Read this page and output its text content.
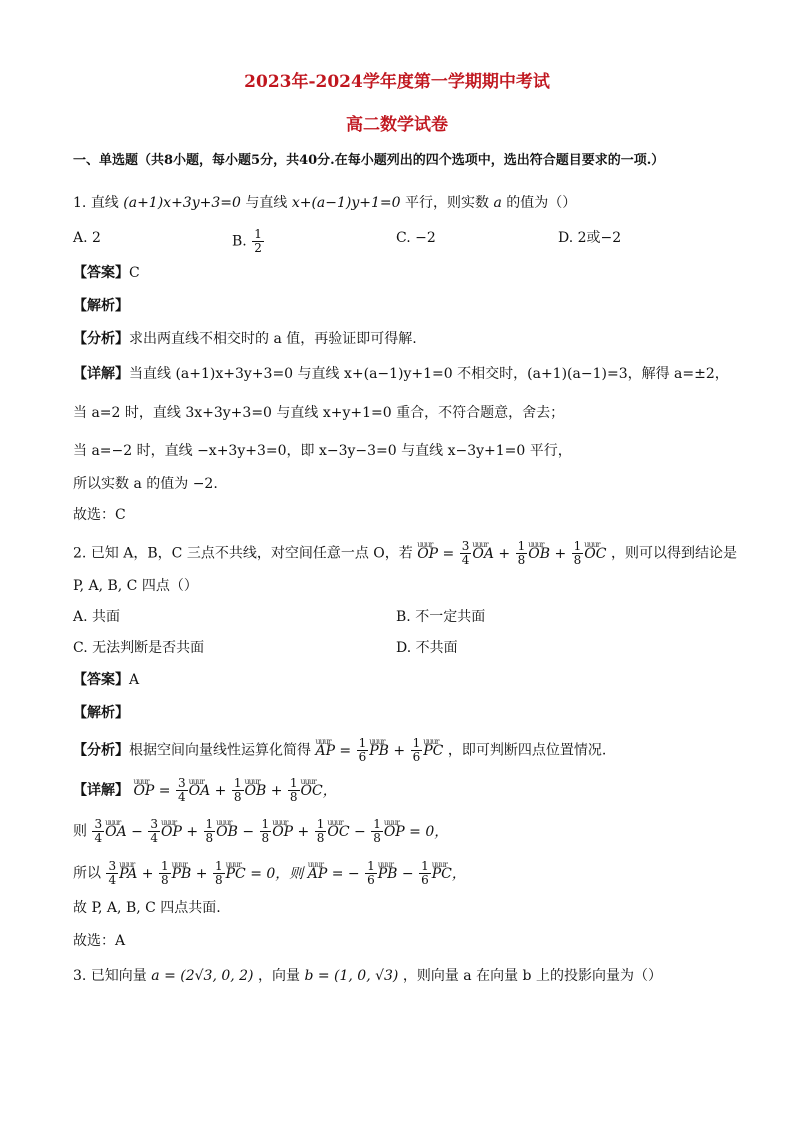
2023年-2024学年度第一学期期中考试
高二数学试卷
一、单选题（共8小题，每小题5分，共40分.在每小题列出的四个选项中，选出符合题目要求的一项.）
1. 直线 (a+1)x+3y+3=0 与直线 x+(a−1)y+1=0 平行，则实数 a 的值为（）
A. 2	B. $\frac{1}{2}$	C. −2	D. 2或−2
【答案】C
【解析】
【分析】求出两直线不相交时的 a 值，再验证即可得解.
【详解】当直线 (a+1)x+3y+3=0 与直线 x+(a−1)y+1=0 不相交时，(a+1)(a−1)=3，解得 a=±2，
当 a=2 时，直线 3x+3y+3=0 与直线 x+y+1=0 重合，不符合题意，舍去；
当 a=−2 时，直线 −x+3y+3=0，即 x−3y−3=0 与直线 x−3y+1=0 平行，
所以实数 a 的值为 −2.
故选：C
2. 已知 A，B，C 三点不共线，对空间任意一点 O，若 uuur OP = $\frac{3}{4}$ uuur OA + $\frac{1}{8}$ uuur OB + $\frac{1}{8}$ uuur OC ，则可以得到结论是
P, A, B, C 四点（）
A. 共面	B. 不一定共面
C. 无法判断是否共面	D. 不共面
【答案】A
【解析】
【分析】根据空间向量线性运算化简得 uuur AP = $\frac{1}{6}$ uuur PB + $\frac{1}{6}$ uuur PC ，即可判断四点位置情况.
【详解】 uuur OP = $\frac{3}{4}$ uuur OA + $\frac{1}{8}$ uuur OB + $\frac{1}{8}$ uuur OC，
则 $\frac{3}{4}$ uuur OA − $\frac{3}{4}$ uuur OP + $\frac{1}{8}$ uuur OB − $\frac{1}{8}$ uuur OP + $\frac{1}{8}$ uuur OC − $\frac{1}{8}$ uuur OP = 0，
所以 $\frac{3}{4}$ uuur PA + $\frac{1}{8}$ uuur PB + $\frac{1}{8}$ uuur PC = 0，则 uuur AP = − $\frac{1}{6}$ uuur PB − $\frac{1}{6}$ uuur PC，
故 P, A, B, C 四点共面.
故选：A
3. 已知向量 a = (2√3, 0, 2) ，向量 b = (1, 0, √3) ，则向量 a 在向量 b 上的投影向量为（）
